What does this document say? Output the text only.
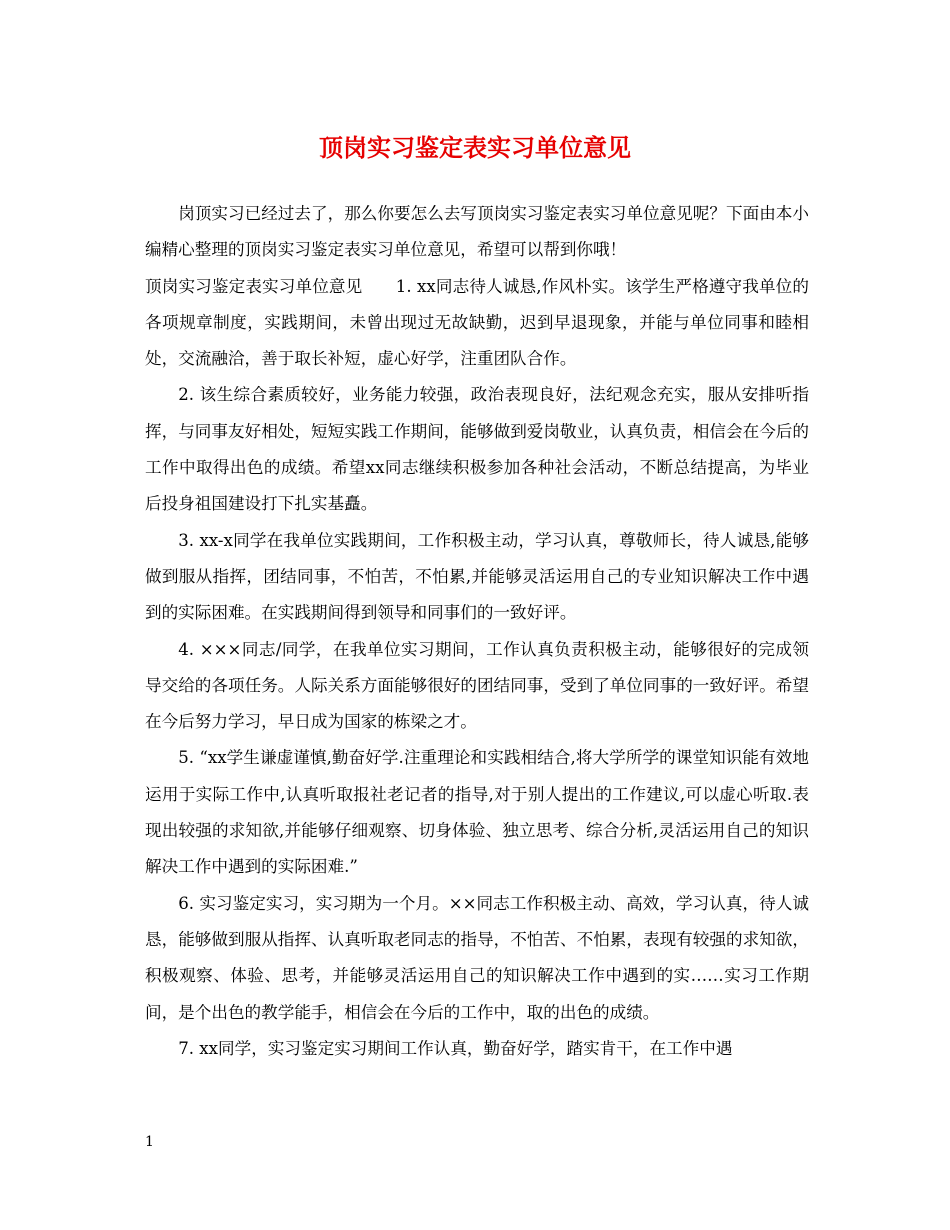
顶岗实习鉴定表实习单位意见

岗顶实习已经过去了，那么你要怎么去写顶岗实习鉴定表实习单位意见呢？下面由本小编精心整理的顶岗实习鉴定表实习单位意见，希望可以帮到你哦！

顶岗实习鉴定表实习单位意见　　1. xx同志待人诚恳,作风朴实。该学生严格遵守我单位的各项规章制度，实践期间，未曾出现过无故缺勤，迟到早退现象，并能与单位同事和睦相处，交流融洽，善于取长补短，虚心好学，注重团队合作。

2. 该生综合素质较好，业务能力较强，政治表现良好，法纪观念充实，服从安排听指挥，与同事友好相处，短短实践工作期间，能够做到爱岗敬业，认真负责，相信会在今后的工作中取得出色的成绩。希望xx同志继续积极参加各种社会活动，不断总结提高，为毕业后投身祖国建设打下扎实基矗。

3. xx-x同学在我单位实践期间，工作积极主动，学习认真，尊敬师长，待人诚恳,能够做到服从指挥，团结同事，不怕苦，不怕累,并能够灵活运用自己的专业知识解决工作中遇到的实际困难。在实践期间得到领导和同事们的一致好评。

4. ×××同志/同学，在我单位实习期间，工作认真负责积极主动，能够很好的完成领导交给的各项任务。人际关系方面能够很好的团结同事，受到了单位同事的一致好评。希望在今后努力学习，早日成为国家的栋梁之才。

5. “xx学生谦虚谨慎,勤奋好学.注重理论和实践相结合,将大学所学的课堂知识能有效地运用于实际工作中,认真听取报社老记者的指导,对于别人提出的工作建议,可以虚心听取.表现出较强的求知欲,并能够仔细观察、切身体验、独立思考、综合分析,灵活运用自己的知识解决工作中遇到的实际困难.”

6. 实习鉴定实习，实习期为一个月。××同志工作积极主动、高效，学习认真，待人诚恳，能够做到服从指挥、认真听取老同志的指导，不怕苦、不怕累，表现有较强的求知欲，积极观察、体验、思考，并能够灵活运用自己的知识解决工作中遇到的实……实习工作期间，是个出色的教学能手，相信会在今后的工作中，取的出色的成绩。

7. xx同学，实习鉴定实习期间工作认真，勤奋好学，踏实肯干，在工作中遇

1
